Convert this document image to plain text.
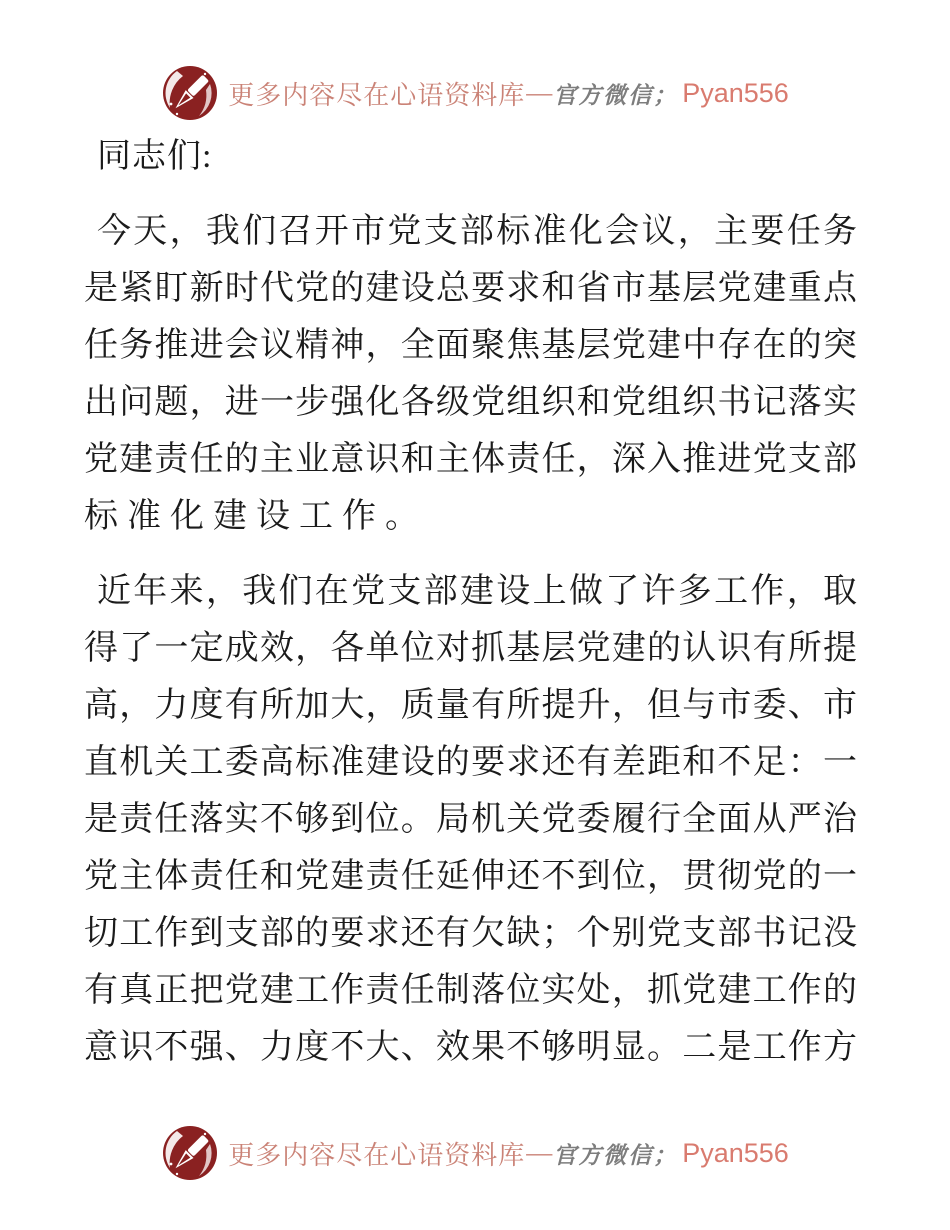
更多内容尽在心语资料库 — 官方微信； Pyan556
同志们:
今天，我们召开市党支部标准化会议，主要任务
是紧盯新时代党的建设总要求和省市基层党建重点
任务推进会议精神，全面聚焦基层党建中存在的突
出问题，进一步强化各级党组织和党组织书记落实
党建责任的主业意识和主体责任，深入推进党支部
标准化建设工作。
近年来，我们在党支部建设上做了许多工作，取
得了一定成效，各单位对抓基层党建的认识有所提
高，力度有所加大，质量有所提升，但与市委、市
直机关工委高标准建设的要求还有差距和不足：一
是责任落实不够到位。局机关党委履行全面从严治
党主体责任和党建责任延伸还不到位，贯彻党的一
切工作到支部的要求还有欠缺；个别党支部书记没
有真正把党建工作责任制落位实处，抓党建工作的
意识不强、力度不大、效果不够明显。二是工作方
更多内容尽在心语资料库 — 官方微信； Pyan556
